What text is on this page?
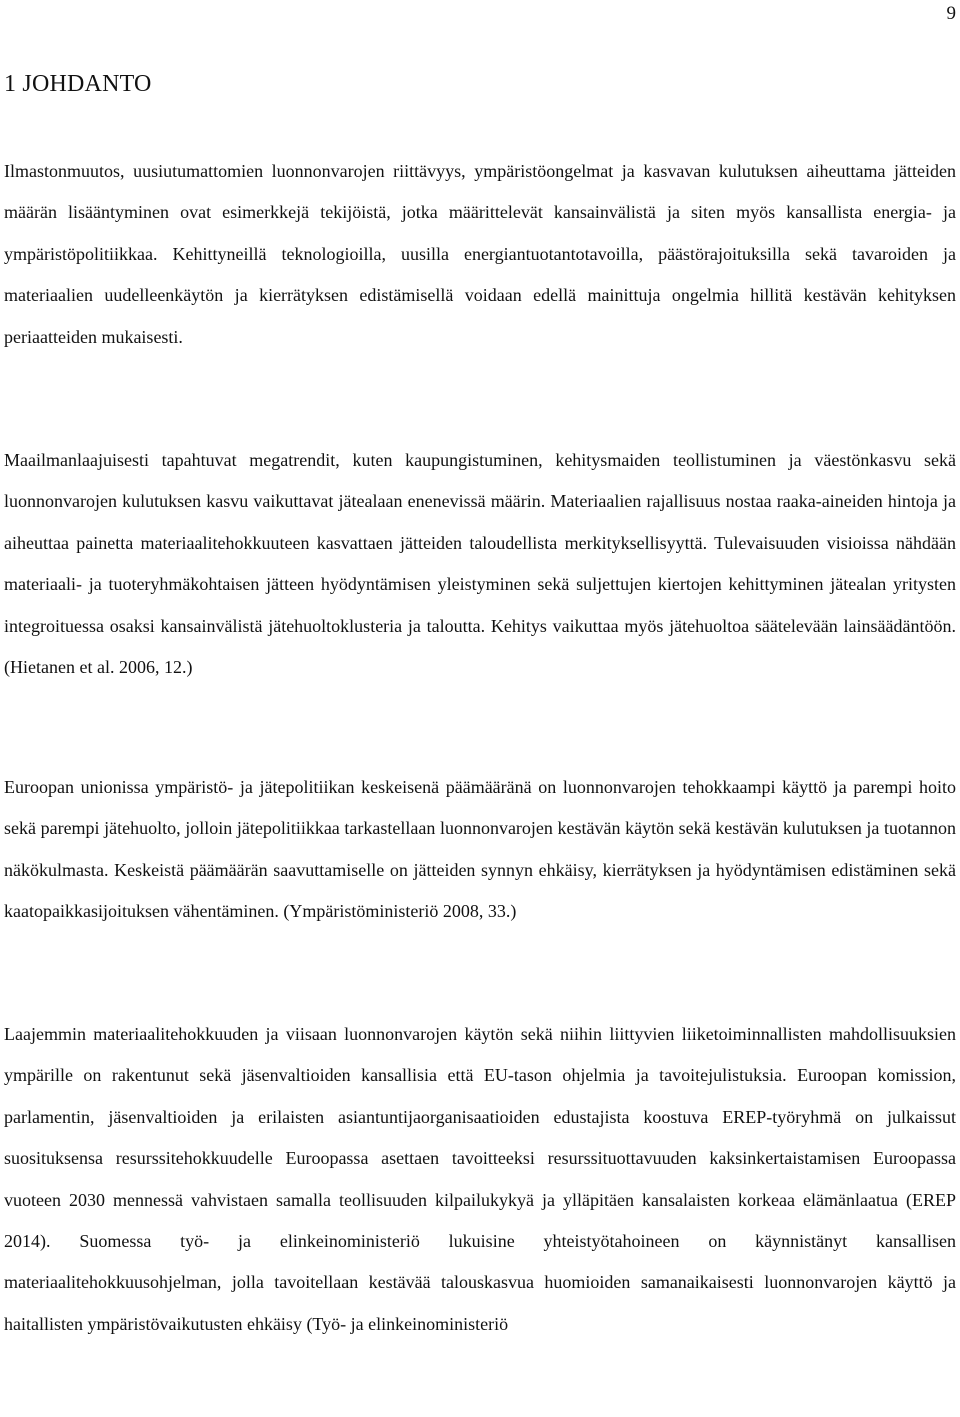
9
1 JOHDANTO

Ilmastonmuutos, uusiutumattomien luonnonvarojen riittävyys, ympäristöongelmat ja kasvavan kulutuksen aiheuttama jätteiden määrän lisääntyminen ovat esimerkkejä tekijöistä, jotka määrittelevät kansainvälistä ja siten myös kansallista energia- ja ympäristöpolitiikkaa. Kehittyneillä teknologioilla, uusilla energiantuotantotavoilla, päästörajoituksilla sekä tavaroiden ja materiaalien uudelleenkäytön ja kierrätyksen edistämisellä voidaan edellä mainittuja ongelmia hillitä kestävän kehityksen periaatteiden mukaisesti.

Maailmanlaajuisesti tapahtuvat megatrendit, kuten kaupungistuminen, kehitysmaiden teollistuminen ja väestönkasvu sekä luonnonvarojen kulutuksen kasvu vaikuttavat jätealaan enenevissä määrin. Materiaalien rajallisuus nostaa raaka-aineiden hintoja ja aiheuttaa painetta materiaalitehokkuuteen kasvattaen jätteiden taloudellista merkityksellisyyttä. Tulevaisuuden visioissa nähdään materiaali- ja tuoteryhmäkohtaisen jätteen hyödyntämisen yleistyminen sekä suljettujen kiertojen kehittyminen jätealan yritysten integroituessa osaksi kansainvälistä jätehuoltoklusteria ja taloutta. Kehitys vaikuttaa myös jätehuoltoa säätelevään lainsäädäntöön. (Hietanen et al. 2006, 12.)

Euroopan unionissa ympäristö- ja jätepolitiikan keskeisenä päämääränä on luonnonvarojen tehokkaampi käyttö ja parempi hoito sekä parempi jätehuolto, jolloin jätepolitiikkaa tarkastellaan luonnonvarojen kestävän käytön sekä kestävän kulutuksen ja tuotannon näkökulmasta. Keskeistä päämäärän saavuttamiselle on jätteiden synnyn ehkäisy, kierrätyksen ja hyödyntämisen edistäminen sekä kaatopaikkasijoituksen vähentäminen. (Ympäristöministeriö 2008, 33.)

Laajemmin materiaalitehokkuuden ja viisaan luonnonvarojen käytön sekä niihin liittyvien liiketoiminnallisten mahdollisuuksien ympärille on rakentunut sekä jäsenvaltioiden kansallisia että EU-tason ohjelmia ja tavoitejulistuksia. Euroopan komission, parlamentin, jäsenvaltioiden ja erilaisten asiantuntijaorganisaatioiden edustajista koostuva EREP-työryhmä on julkaissut suosituksensa resurssitehokkuudelle Euroopassa asettaen tavoitteeksi resurssituottavuuden kaksinkertaistamisen Euroopassa vuoteen 2030 mennessä vahvistaen samalla teollisuuden kilpailukykyä ja ylläpitäen kansalaisten korkeaa elämänlaatua (EREP 2014). Suomessa työ- ja elinkeinoministeriö lukuisine yhteistyötahoineen on käynnistänyt kansallisen materiaalitehokkuusohjelman, jolla tavoitellaan kestävää talouskasvua huomioiden samanaikaisesti luonnonvarojen käyttö ja haitallisten ympäristövaikutusten ehkäisy (Työ- ja elinkeinoministeriö
